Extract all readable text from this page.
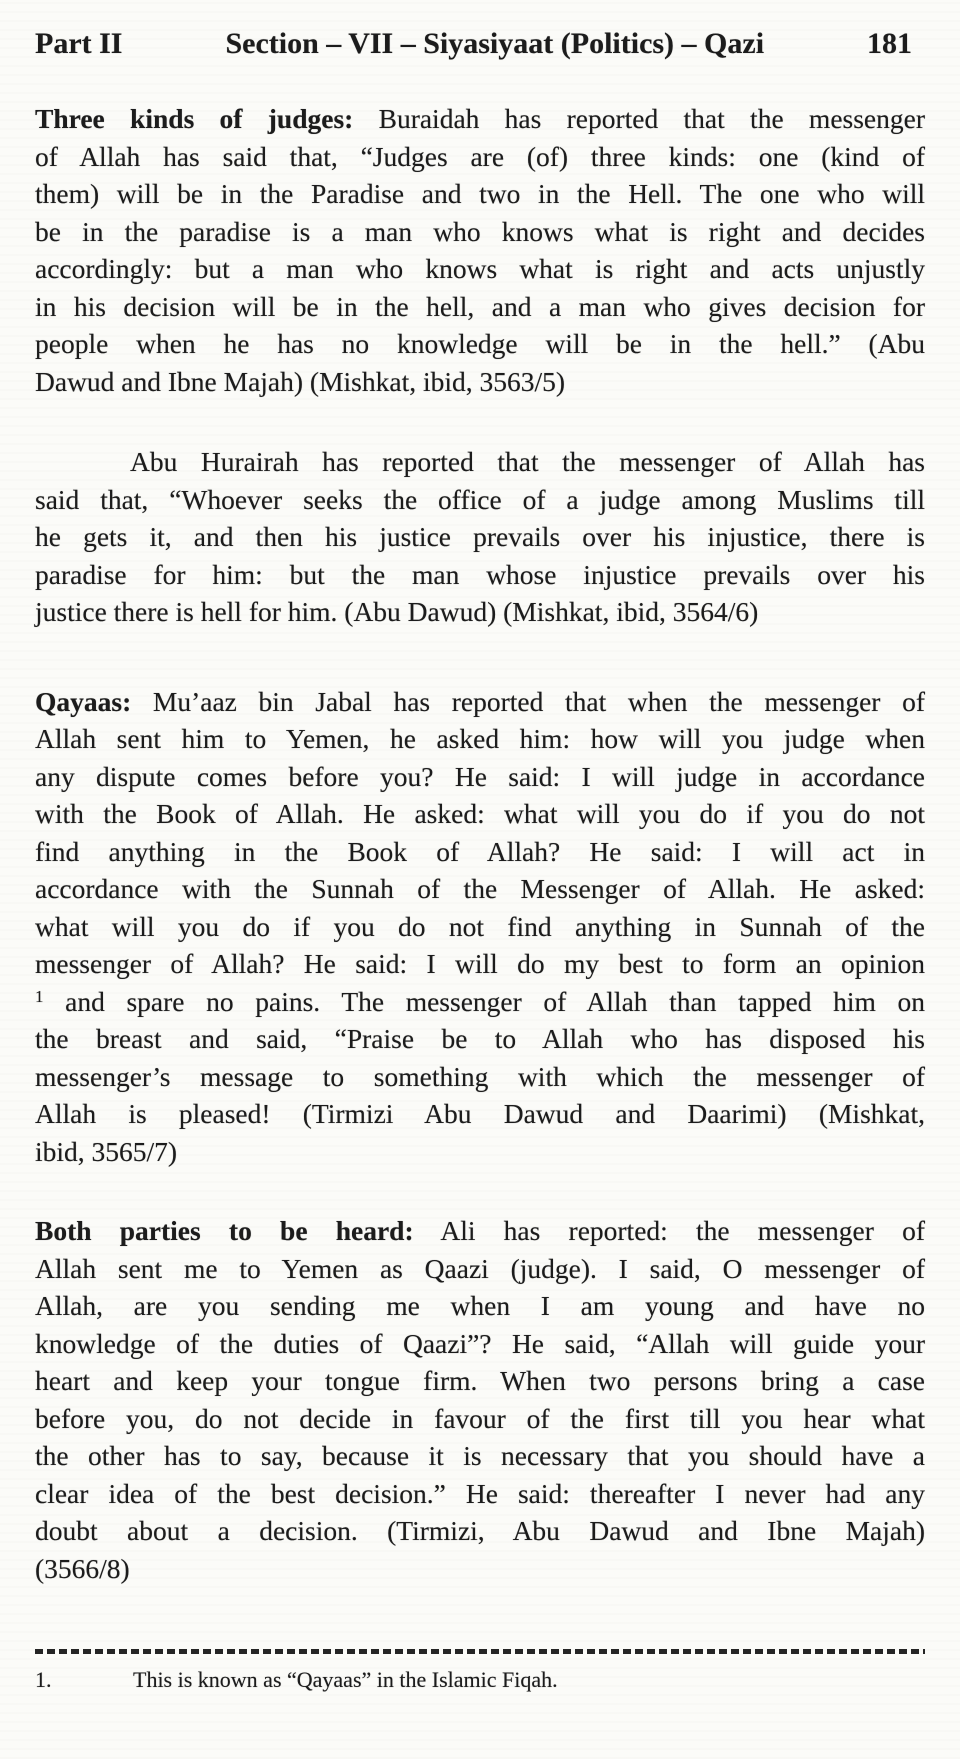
Part II	Section – VII – Siyasiyaat (Politics) – Qazi	181
Three kinds of judges: Buraidah has reported that the messenger
of Allah has said that, “Judges are (of) three kinds: one (kind of
them) will be in the Paradise and two in the Hell. The one who will
be in the paradise is a man who knows what is right and decides
accordingly: but a man who knows what is right and acts unjustly
in his decision will be in the hell, and a man who gives decision for
people when he has no knowledge will be in the hell.” (Abu
Dawud and Ibne Majah) (Mishkat, ibid, 3563/5)
Abu Hurairah has reported that the messenger of Allah has
said that, “Whoever seeks the office of a judge among Muslims till
he gets it, and then his justice prevails over his injustice, there is
paradise for him: but the man whose injustice prevails over his
justice there is hell for him. (Abu Dawud) (Mishkat, ibid, 3564/6)
Qayaas: Mu’aaz bin Jabal has reported that when the messenger of
Allah sent him to Yemen, he asked him: how will you judge when
any dispute comes before you? He said: I will judge in accordance
with the Book of Allah. He asked: what will you do if you do not
find anything in the Book of Allah? He said: I will act in
accordance with the Sunnah of the Messenger of Allah. He asked:
what will you do if you do not find anything in Sunnah of the
messenger of Allah? He said: I will do my best to form an opinion
$^1$ and spare no pains. The messenger of Allah than tapped him on
the breast and said, “Praise be to Allah who has disposed his
messenger’s message to something with which the messenger of
Allah is pleased! (Tirmizi Abu Dawud and Daarimi) (Mishkat,
ibid, 3565/7)
Both parties to be heard: Ali has reported: the messenger of
Allah sent me to Yemen as Qaazi (judge). I said, O messenger of
Allah, are you sending me when I am young and have no
knowledge of the duties of Qaazi”? He said, “Allah will guide your
heart and keep your tongue firm. When two persons bring a case
before you, do not decide in favour of the first till you hear what
the other has to say, because it is necessary that you should have a
clear idea of the best decision.” He said: thereafter I never had any
doubt about a decision. (Tirmizi, Abu Dawud and Ibne Majah)
(3566/8)
1.	This is known as “Qayaas” in the Islamic Fiqah.
